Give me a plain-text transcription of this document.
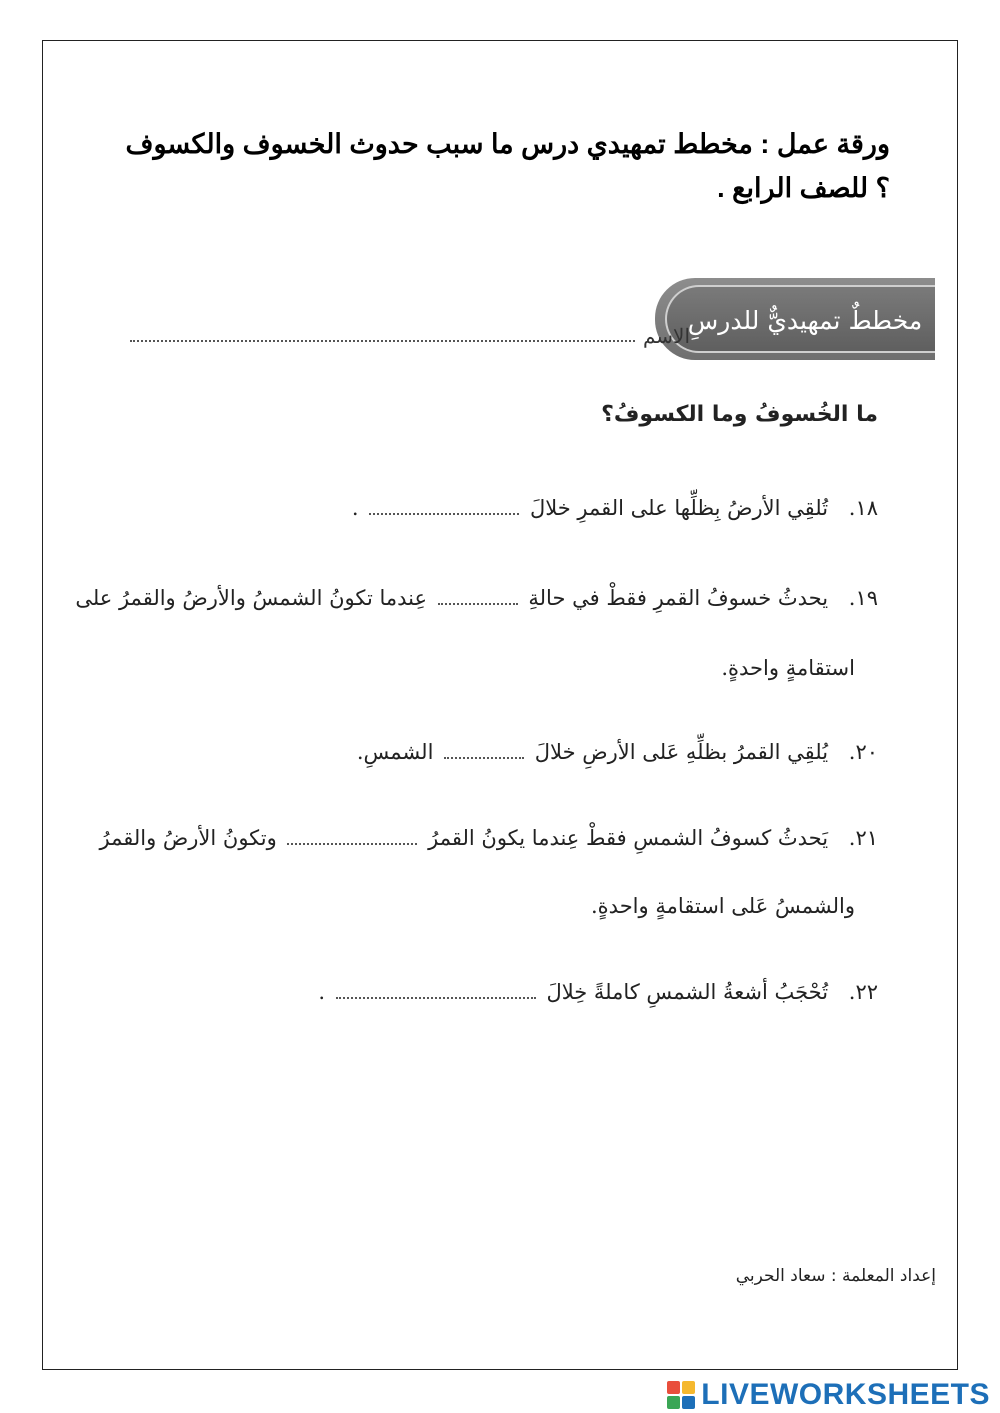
ورقة عمل : مخطط تمهيدي درس ما سبب حدوث الخسوف والكسوف ؟ للصف الرابع .
مخططٌ تمهيديٌّ للدرسِ
الاسم
ما الخُسوفُ وما الكسوفُ؟
١٨. تُلقِي الأرضُ بِظلِّها على القمرِ خلالَ  .
١٩. يحدثُ خسوفُ القمرِ فقطْ في حالةِ  عِندما تكونُ الشمسُ والأرضُ والقمرُ على
استقامةٍ واحدةٍ.
٢٠. يُلقِي القمرُ بظلِّهِ عَلى الأرضِ خلالَ  الشمسِ.
٢١. يَحدثُ كسوفُ الشمسِ فقطْ عِندما يكونُ القمرُ  وتكونُ الأرضُ والقمرُ
والشمسُ عَلى استقامةٍ واحدةٍ.
٢٢. تُحْجَبُ أشعةُ الشمسِ كاملةً خِلالَ  .
إعداد المعلمة : سعاد الحربي
LIVEWORKSHEETS
